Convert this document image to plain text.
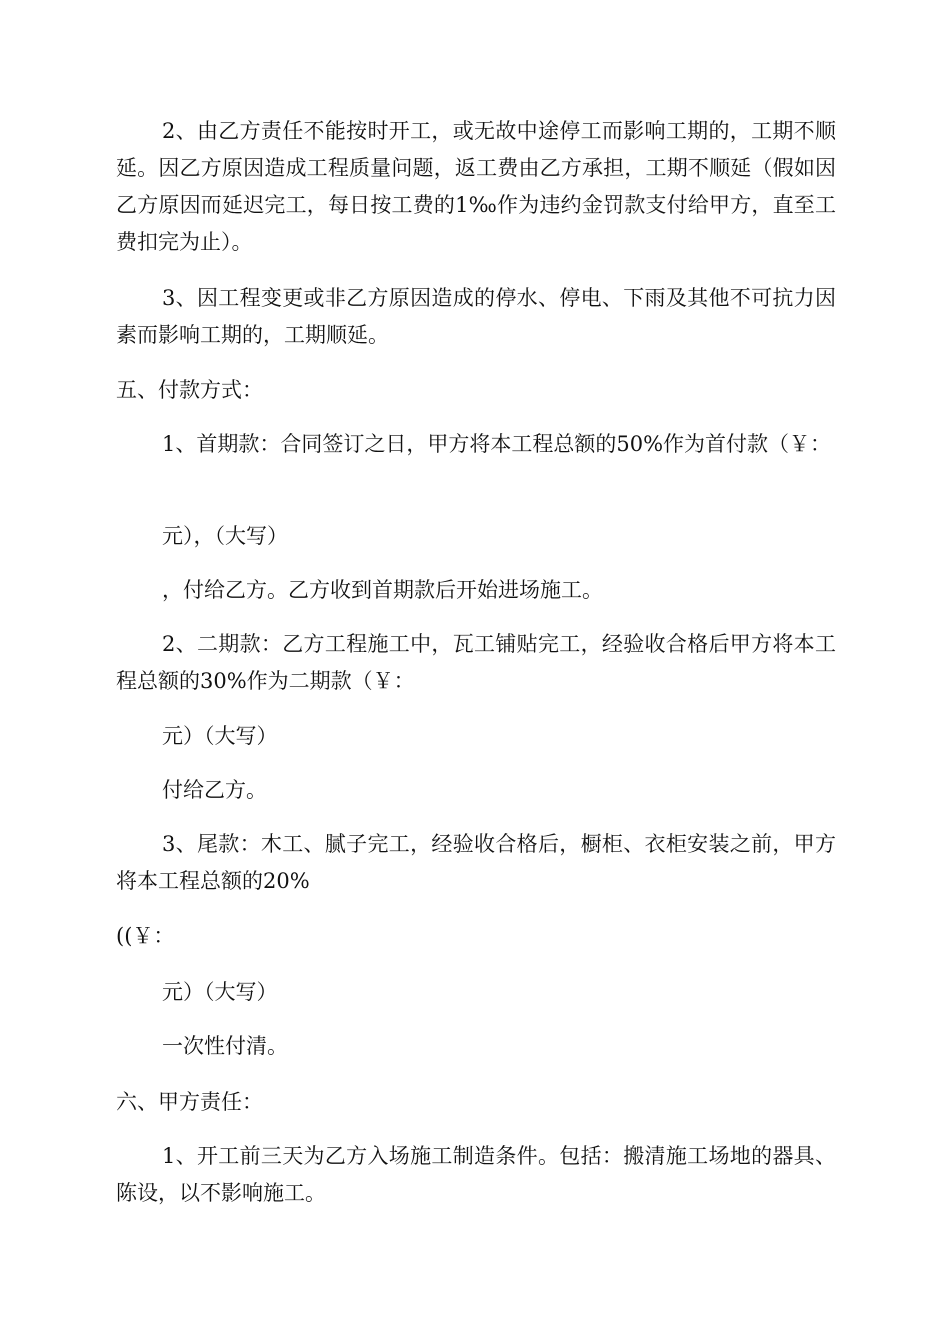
2、由乙方责任不能按时开工，或无故中途停工而影响工期的，工期不顺延。因乙方原因造成工程质量问题，返工费由乙方承担，工期不顺延（假如因乙方原因而延迟完工，每日按工费的1‰作为违约金罚款支付给甲方，直至工费扣完为止）。

3、因工程变更或非乙方原因造成的停水、停电、下雨及其他不可抗力因素而影响工期的，工期顺延。

五、付款方式：

1、首期款：合同签订之日，甲方将本工程总额的50%作为首付款（￥：

元），（大写）

，付给乙方。乙方收到首期款后开始进场施工。

2、二期款：乙方工程施工中，瓦工铺贴完工，经验收合格后甲方将本工程总额的30%作为二期款（￥：

元）（大写）

付给乙方。

3、尾款：木工、腻子完工，经验收合格后，橱柜、衣柜安装之前，甲方将本工程总额的20%

((￥：

元）（大写）

一次性付清。

六、甲方责任：

1、开工前三天为乙方入场施工制造条件。包括：搬清施工场地的器具、陈设，以不影响施工。
